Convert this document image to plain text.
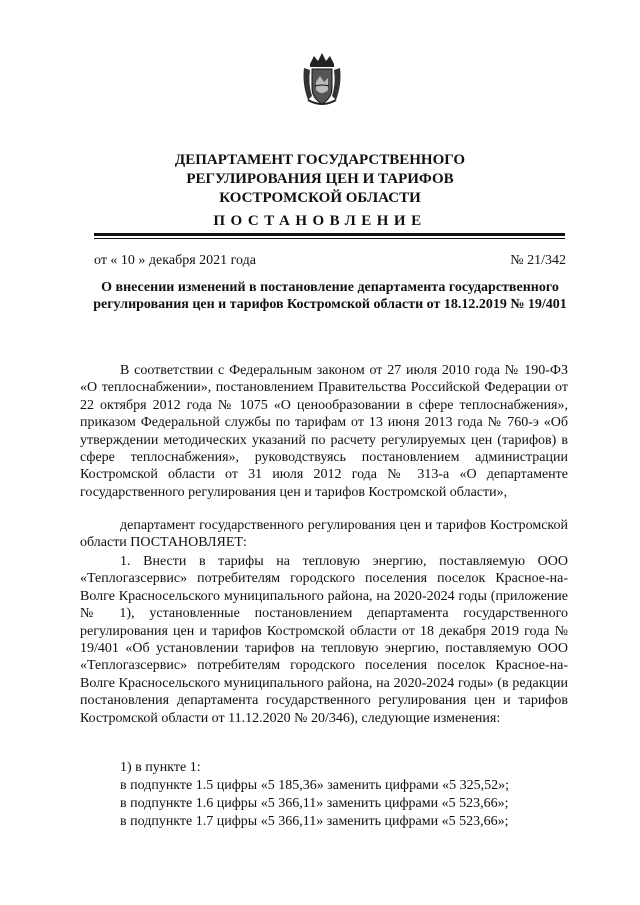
ДЕПАРТАМЕНТ ГОСУДАРСТВЕННОГО
РЕГУЛИРОВАНИЯ ЦЕН И ТАРИФОВ
КОСТРОМСКОЙ ОБЛАСТИ
ПОСТАНОВЛЕНИЕ
от « 10 » декабря 2021 года	№ 21/342
О внесении изменений в постановление департамента государственного регулирования цен и тарифов Костромской области от 18.12.2019 № 19/401
В соответствии с Федеральным законом от 27 июля 2010 года № 190-ФЗ «О теплоснабжении», постановлением Правительства Российской Федерации от 22 октября 2012 года № 1075 «О ценообразовании в сфере теплоснабжения», приказом Федеральной службы по тарифам от 13 июня 2013 года № 760-э «Об утверждении методических указаний по расчету регулируемых цен (тарифов) в сфере теплоснабжения», руководствуясь постановлением администрации Костромской области от 31 июля 2012 года № 313-а «О департаменте государственного регулирования цен и тарифов Костромской области»,
департамент государственного регулирования цен и тарифов Костромской области ПОСТАНОВЛЯЕТ:
1. Внести в тарифы на тепловую энергию, поставляемую ООО «Теплогазсервис» потребителям городского поселения поселок Красное-на-Волге Красносельского муниципального района, на 2020-2024 годы (приложение № 1), установленные постановлением департамента государственного регулирования цен и тарифов Костромской области от 18 декабря 2019 года № 19/401 «Об установлении тарифов на тепловую энергию, поставляемую ООО «Теплогазсервис» потребителям городского поселения поселок Красное-на-Волге Красносельского муниципального района, на 2020-2024 годы» (в редакции постановления департамента государственного регулирования цен и тарифов Костромской области от 11.12.2020 № 20/346), следующие изменения:
1) в пункте 1:
в подпункте 1.5 цифры «5 185,36» заменить цифрами «5 325,52»;
в подпункте 1.6 цифры «5 366,11» заменить цифрами «5 523,66»;
в подпункте 1.7 цифры «5 366,11» заменить цифрами «5 523,66»;
